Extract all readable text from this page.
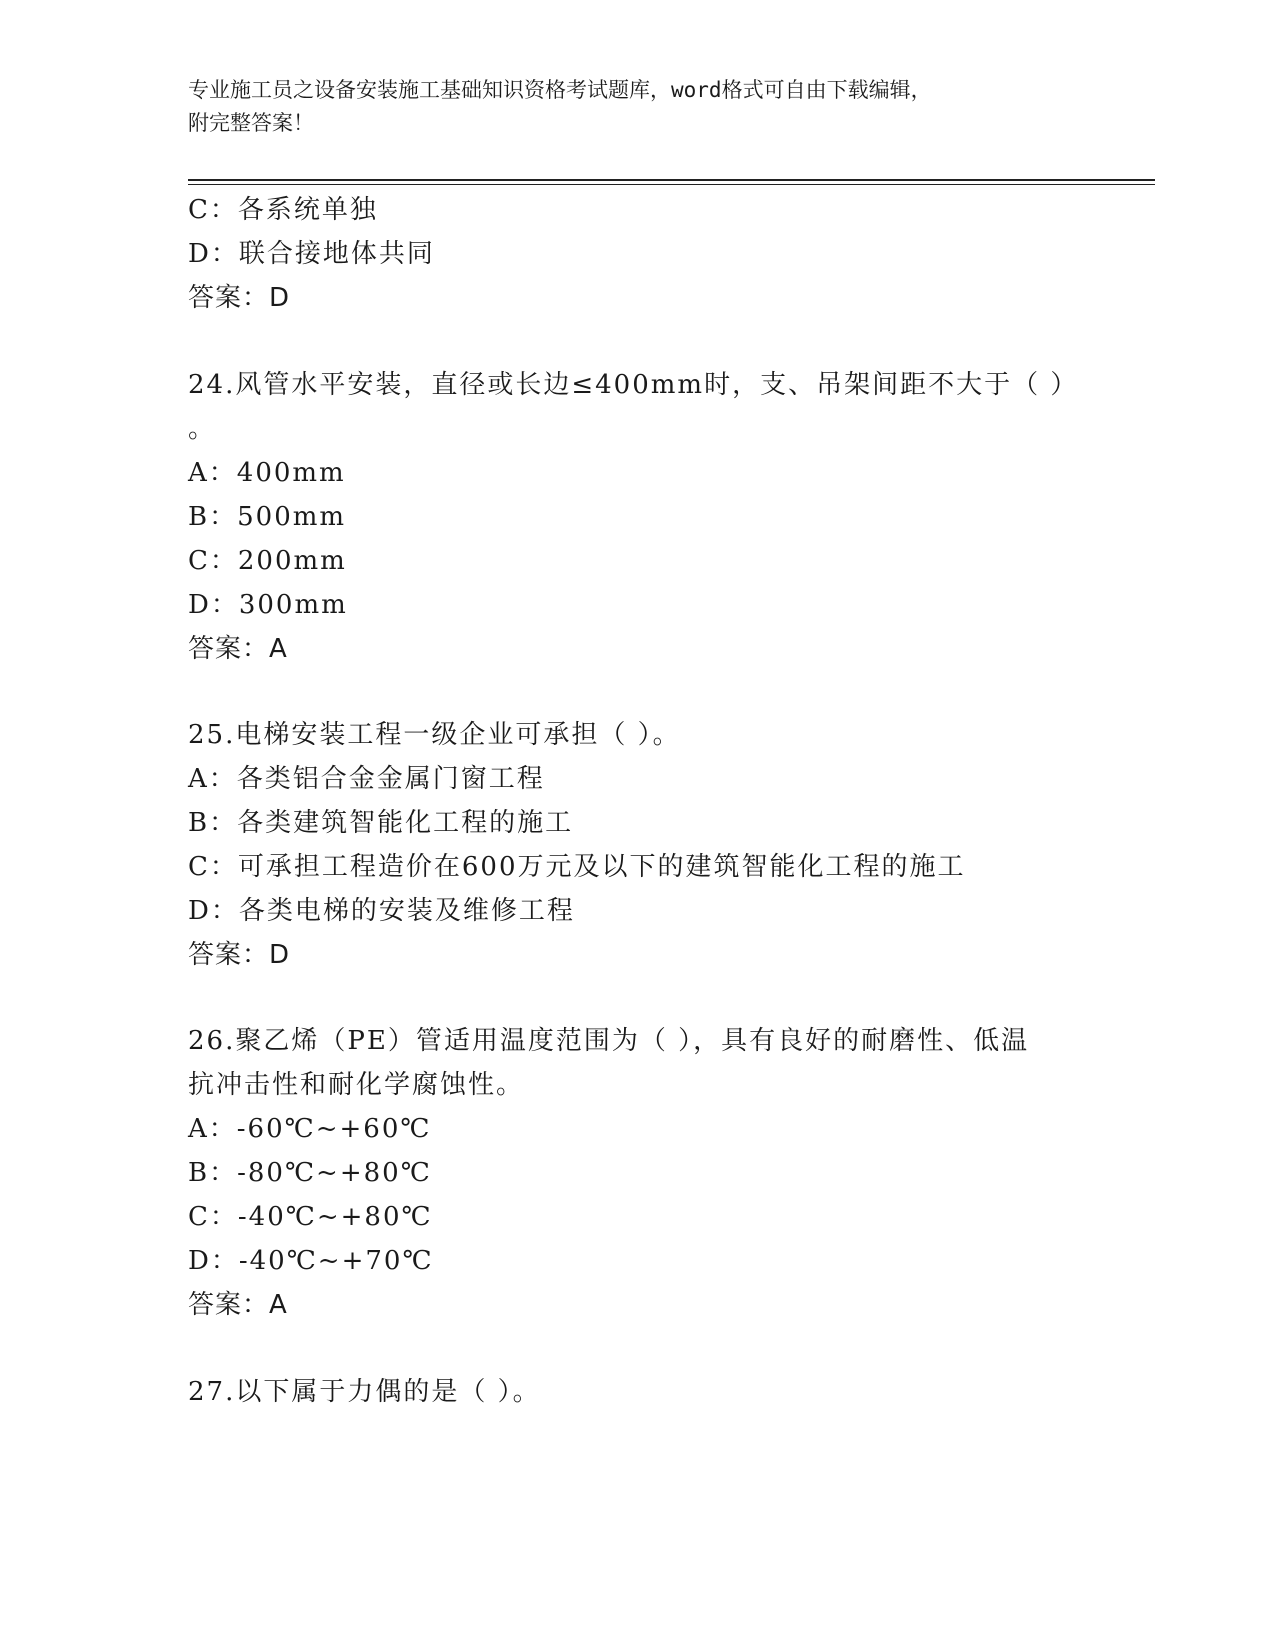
专业施工员之设备安装施工基础知识资格考试题库，word格式可自由下载编辑，
附完整答案！
C：各系统单独
D：联合接地体共同
答案：D
24.风管水平安装，直径或长边≤400mm时，支、吊架间距不大于（ ）
。
A：400mm
B：500mm
C：200mm
D：300mm
答案：A
25.电梯安装工程一级企业可承担（ ）。
A：各类铝合金金属门窗工程
B：各类建筑智能化工程的施工
C：可承担工程造价在600万元及以下的建筑智能化工程的施工
D：各类电梯的安装及维修工程
答案：D
26.聚乙烯（PE）管适用温度范围为（ ），具有良好的耐磨性、低温
抗冲击性和耐化学腐蚀性。
A：-60℃~+60℃
B：-80℃~+80℃
C：-40℃~+80℃
D：-40℃~+70℃
答案：A
27.以下属于力偶的是（ ）。
